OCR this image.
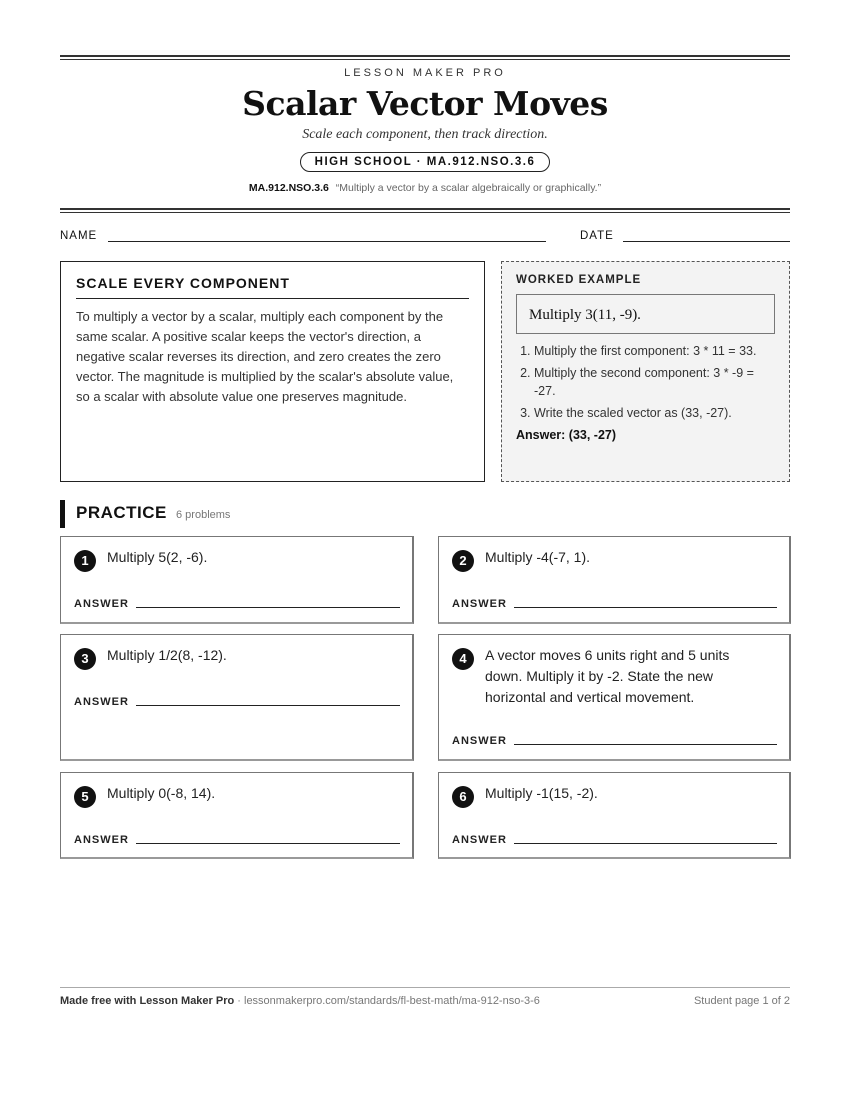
LESSON MAKER PRO
Scalar Vector Moves
Scale each component, then track direction.
HIGH SCHOOL · MA.912.NSO.3.6
MA.912.NSO.3.6 “Multiply a vector by a scalar algebraically or graphically.”
NAME	DATE
SCALE EVERY COMPONENT

To multiply a vector by a scalar, multiply each component by the same scalar. A positive scalar keeps the vector's direction, a negative scalar reverses its direction, and zero creates the zero vector. The magnitude is multiplied by the scalar's absolute value, so a scalar with absolute value one preserves magnitude.

WORKED EXAMPLE
Multiply 3(11, -9).
1. Multiply the first component: 3 * 11 = 33.
2. Multiply the second component: 3 * -9 = -27.
3. Write the scaled vector as (33, -27).
Answer: (33, -27)
PRACTICE 6 problems
1	Multiply 5(2, -6).
ANSWER
2	Multiply -4(-7, 1).
ANSWER
3	Multiply 1/2(8, -12).
ANSWER
4	A vector moves 6 units right and 5 units down. Multiply it by -2. State the new horizontal and vertical movement.
ANSWER
5	Multiply 0(-8, 14).
ANSWER
6	Multiply -1(15, -2).
ANSWER
Made free with Lesson Maker Pro · lessonmakerpro.com/standards/fl-best-math/ma-912-nso-3-6	Student page 1 of 2
